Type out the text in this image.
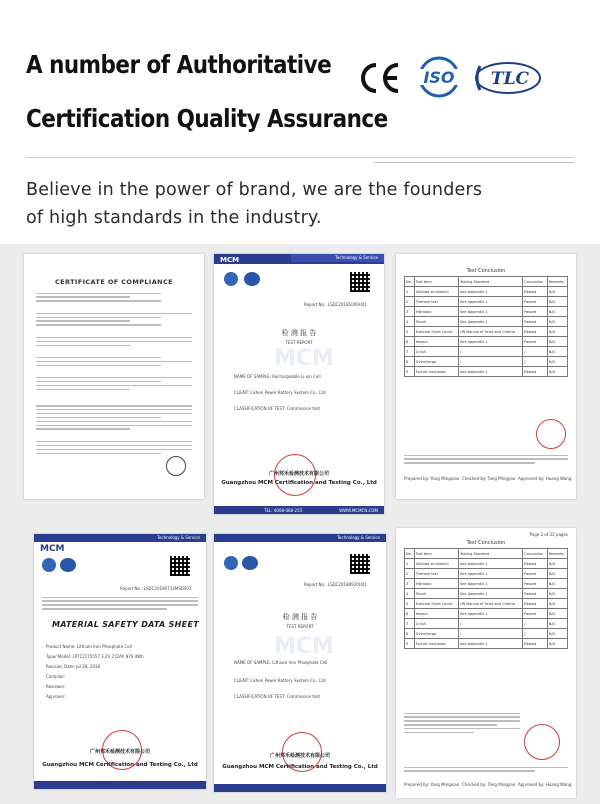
A number of Authoritative
Certification Quality Assurance
ISO TLC
Believe in the power of brand, we are the founders
of high standards in the industry.
CERTIFICATE OF COMPLIANCE
MCM	Technology & Service
Report No.: LSDC20181009U01
检 测 报 告
TEST REPORT
MCM
NAME OF SAMPLE: Rechargeable Li-ion Cell
CLIENT: Lishen Power Battery System Co., Ltd
CLASSIFICATION OF TEST: Commission test
广州邦禾检测技术有限公司
Guangzhou MCM Certification and Testing Co., Ltd
TEL: 4008-068-255	WWW.MCMCN.COM
Test Conclusion
No.	Test Item	Testing Standard	Conclusion	Remarks
1	Altitude simulation	See Appendix 1	Passed	N/A
2	Thermal test	See Appendix 1	Passed	N/A
3	Vibration	See Appendix 1	Passed	N/A
4	Shock	See Appendix 1	Passed	N/A
5	External Short circuit	UN Manual of Tests and Criteria	Passed	N/A
6	Impact	See Appendix 1	Passed	N/A
7	Crush	/	/	N/A
8	Overcharge	/	/	N/A
9	Forced discharge	See Appendix 1	Passed	N/A
Prepared by: Yang Mingxiao Checked by: Tang Mingyao Approved by: Huang Wang
MCM
Technology & Service
Report No.: LSDC20180712MSDS01
MATERIAL SAFETY DATA SHEET
Product Name: Lithium Iron Phosphate Cell
Type/ Model: LPT12175557 3.2V 272Ah 870.4Wh
Revision Date: Jul 28, 2018
Compiler:
Reviewer:
Approver:
广州邦禾检测技术有限公司
Guangzhou MCM Certification and Testing Co., Ltd
Technology & Service
Report No.: LSDC20180920U01
检 测 报 告
TEST REPORT
MCM
NAME OF SAMPLE: Lithium Iron Phosphate Cell
CLIENT: Lishen Power Battery System Co., Ltd
CLASSIFICATION OF TEST: Commission test
广州邦禾检测技术有限公司
Guangzhou MCM Certification and Testing Co., Ltd
Page 2 of 32 pages
Test Conclusion
No.	Test Item	Testing Standard	Conclusion	Remarks
1	Altitude simulation	See Appendix 1	Passed	N/A
2	Thermal test	See Appendix 1	Passed	N/A
3	Vibration	See Appendix 1	Passed	N/A
4	Shock	See Appendix 1	Passed	N/A
5	External Short circuit	UN Manual of Tests and Criteria	Passed	N/A
6	Impact	See Appendix 1	Passed	N/A
7	Crush	/	/	N/A
8	Overcharge	/	/	N/A
9	Forced discharge	See Appendix 1	Passed	N/A
Prepared by: Yang Mingxiao Checked by: Tang Mingyao Approved by: Huang Wang
